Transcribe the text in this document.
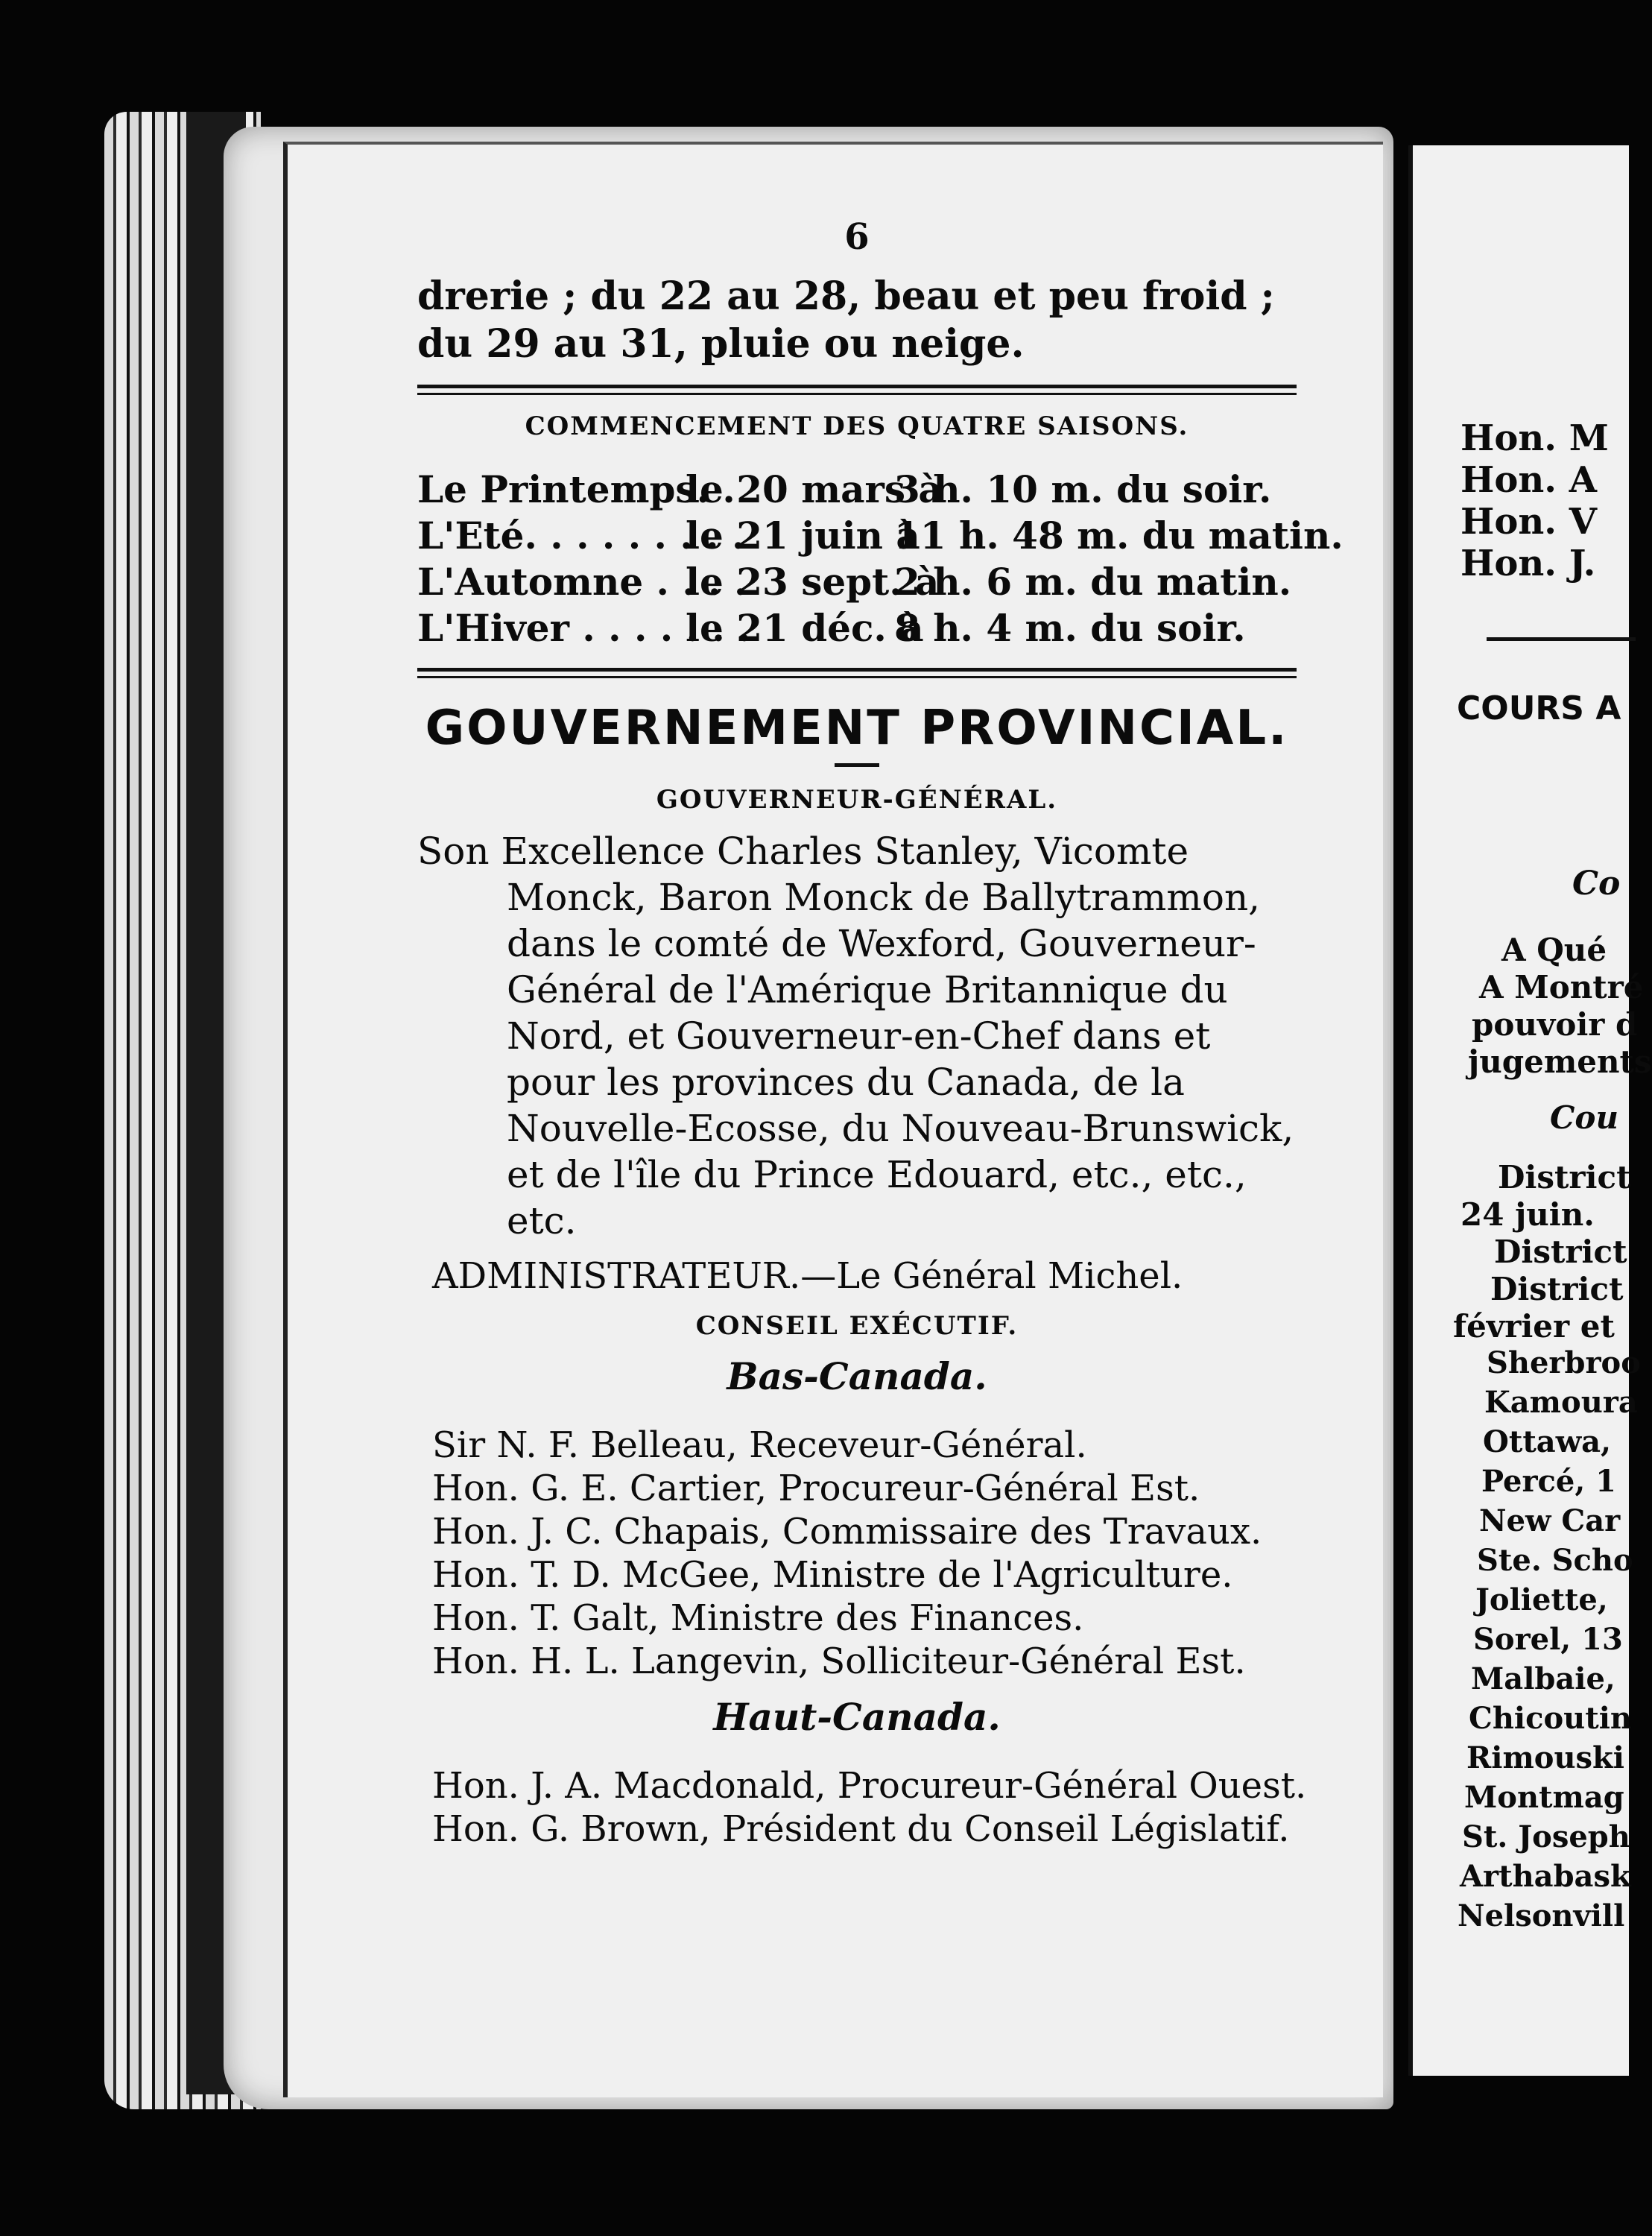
6
drerie ; du 22 au 28, beau et peu froid ; du 29 au 31, pluie ou neige.
COMMENCEMENT DES QUATRE SAISONS.
Le Printemps. .
le 20 mars à
3 h. 10 m. du soir.
L'Eté. . . . . . . . .
le 21 juin à
11 h. 48 m. du matin.
L'Automne . . . .
le 23 sept. à
2 h. 6 m. du matin.
L'Hiver . . . . . . .
le 21 déc. à
8 h. 4 m. du soir.
GOUVERNEMENT PROVINCIAL.
GOUVERNEUR-GÉNÉRAL.

Son Excellence Charles Stanley, Vicomte Monck, Baron Monck de Ballytrammon, dans le comté de Wexford, Gouverneur-Général de l'Amérique Britannique du Nord, et Gouverneur-en-Chef dans et pour les provinces du Canada, de la Nouvelle-Ecosse, du Nouveau-Brunswick, et de l'île du Prince Edouard, etc., etc., etc.

ADMINISTRATEUR.—Le Général Michel.
CONSEIL EXÉCUTIF.
Bas-Canada.
Sir N. F. Belleau, Receveur-Général.
Hon. G. E. Cartier, Procureur-Général Est.
Hon. J. C. Chapais, Commissaire des Travaux.
Hon. T. D. McGee, Ministre de l'Agriculture.
Hon. T. Galt, Ministre des Finances.
Hon. H. L. Langevin, Solliciteur-Général Est.
Haut-Canada.
Hon. J. A. Macdonald, Procureur-Général Ouest.
Hon. G. Brown, Président du Conseil Législatif.
Hon. M
Hon. A
Hon. V
Hon. J.
COURS A
Co
A Qué
A Montré
pouvoir d
jugements
Cou
District
24 juin.
District
District
février et
Sherbroo
Kamoura
Ottawa,
Percé, 1
New Car
Ste. Scho
Joliette,
Sorel, 13
Malbaie,
Chicoutin
Rimouski
Montmag
St. Joseph
Arthabask
Nelsonvill
